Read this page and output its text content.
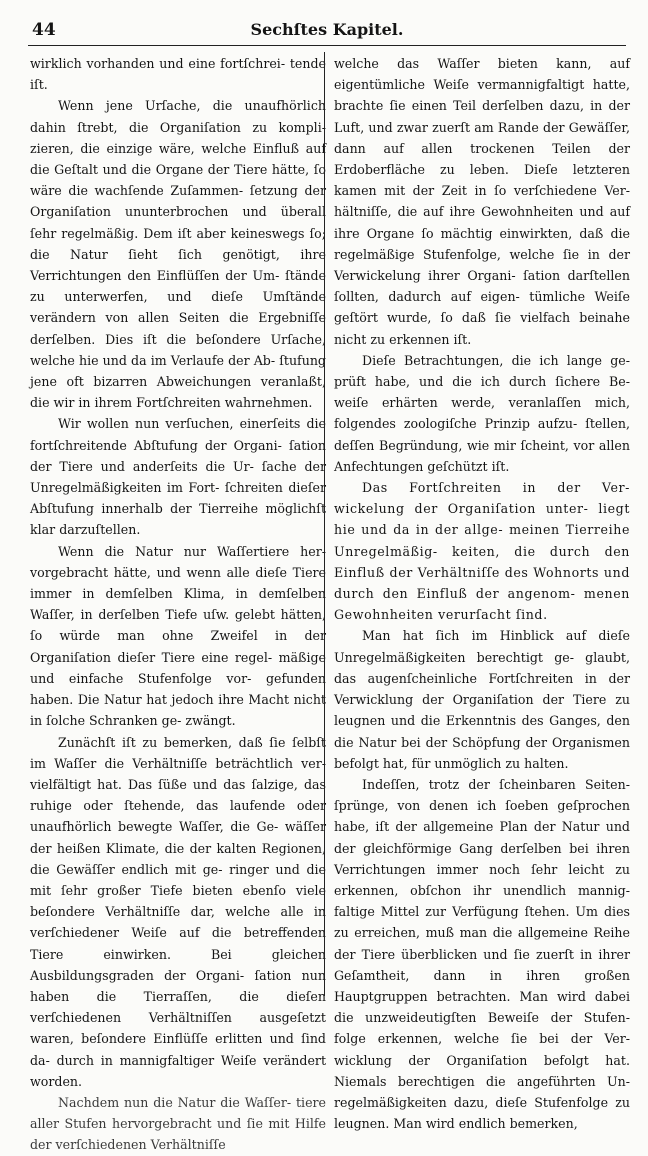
44	Sechſtes Kapitel.

wirklich vorhanden und eine fortſchrei- tende iſt.

Wenn jene Urſache, die unaufhörlich dahin ſtrebt, die Organiſation zu kompli- zieren, die einzige wäre, welche Einfluß auf die Geſtalt und die Organe der Tiere hätte, ſo wäre die wachſende Zuſammen- ſetzung der Organiſation ununterbrochen und überall ſehr regelmäßig. Dem iſt aber keineswegs ſo; die Natur ſieht ſich genötigt, ihre Verrichtungen den Einflüſſen der Um- ſtände zu unterwerfen, und dieſe Umſtände verändern von allen Seiten die Ergebniſſe derſelben. Dies iſt die beſondere Urſache, welche hie und da im Verlaufe der Ab- ſtufung jene oft bizarren Abweichungen veranlaßt, die wir in ihrem Fortſchreiten wahrnehmen.

Wir wollen nun verſuchen, einerſeits die fortſchreitende Abſtufung der Organi- ſation der Tiere und anderſeits die Ur- ſache der Unregelmäßigkeiten im Fort- ſchreiten dieſer Abſtufung innerhalb der Tierreihe möglichſt klar darzuſtellen.

Wenn die Natur nur Waſſertiere her- vorgebracht hätte, und wenn alle dieſe Tiere immer in demſelben Klima, in demſelben Waſſer, in derſelben Tiefe uſw. gelebt hätten, ſo würde man ohne Zweifel in der Organiſation dieſer Tiere eine regel- mäßige und einfache Stufenfolge vor- gefunden haben. Die Natur hat jedoch ihre Macht nicht in ſolche Schranken ge- zwängt.

Zunächſt iſt zu bemerken, daß ſie ſelbſt im Waſſer die Verhältniſſe beträchtlich ver- vielfältigt hat. Das ſüße und das ſalzige, das ruhige oder ſtehende, das laufende oder unaufhörlich bewegte Waſſer, die Ge- wäſſer der heißen Klimate, die der kalten Regionen, die Gewäſſer endlich mit ge- ringer und die mit ſehr großer Tiefe bieten ebenſo viele beſondere Verhältniſſe dar, welche alle in verſchiedener Weiſe auf die betreffenden Tiere einwirken. Bei gleichen Ausbildungsgraden der Organi- ſation nun haben die Tierraſſen, die dieſen verſchiedenen Verhältniſſen ausgeſetzt waren, beſondere Einflüſſe erlitten und ſind da- durch in mannigfaltiger Weiſe verändert worden.

Nachdem nun die Natur die Waſſer- tiere aller Stufen hervorgebracht und ſie mit Hilfe der verſchiedenen Verhältniſſe

welche das Waſſer bieten kann, auf eigentümliche Weiſe vermannigfaltigt hatte, brachte ſie einen Teil derſelben dazu, in der Luft, und zwar zuerſt am Rande der Gewäſſer, dann auf allen trockenen Teilen der Erdoberfläche zu leben. Dieſe letzteren kamen mit der Zeit in ſo verſchiedene Ver- hältniſſe, die auf ihre Gewohnheiten und auf ihre Organe ſo mächtig einwirkten, daß die regelmäßige Stufenfolge, welche ſie in der Verwickelung ihrer Organi- ſation darſtellen ſollten, dadurch auf eigen- tümliche Weiſe geſtört wurde, ſo daß ſie vielfach beinahe nicht zu erkennen iſt.

Dieſe Betrachtungen, die ich lange ge- prüft habe, und die ich durch ſichere Be- weiſe erhärten werde, veranlaſſen mich, folgendes zoologiſche Prinzip aufzu- ſtellen, deſſen Begründung, wie mir ſcheint, vor allen Anfechtungen geſchützt iſt.

Das Fortſchreiten in der Ver- wickelung der Organiſation unter- liegt hie und da in der allge- meinen Tierreihe Unregelmäßig- keiten, die durch den Einfluß der Verhältniſſe des Wohnorts und durch den Einfluß der angenom- menen Gewohnheiten verurſacht ſind.

Man hat ſich im Hinblick auf dieſe Unregelmäßigkeiten berechtigt ge- glaubt, das augenſcheinliche Fortſchreiten in der Verwicklung der Organiſation der Tiere zu leugnen und die Erkenntnis des Ganges, den die Natur bei der Schöpfung der Organismen befolgt hat, für unmöglich zu halten.

Indeſſen, trotz der ſcheinbaren Seiten- ſprünge, von denen ich ſoeben geſprochen habe, iſt der allgemeine Plan der Natur und der gleichförmige Gang derſelben bei ihren Verrichtungen immer noch ſehr leicht zu erkennen, obſchon ihr unendlich mannig- faltige Mittel zur Verfügung ſtehen. Um dies zu erreichen, muß man die allgemeine Reihe der Tiere überblicken und ſie zuerſt in ihrer Geſamtheit, dann in ihren großen Hauptgruppen betrachten. Man wird dabei die unzweideutigſten Beweiſe der Stufen- folge erkennen, welche ſie bei der Ver- wicklung der Organiſation befolgt hat. Niemals berechtigen die angeführten Un- regelmäßigkeiten dazu, dieſe Stufenfolge zu leugnen. Man wird endlich bemerken,
